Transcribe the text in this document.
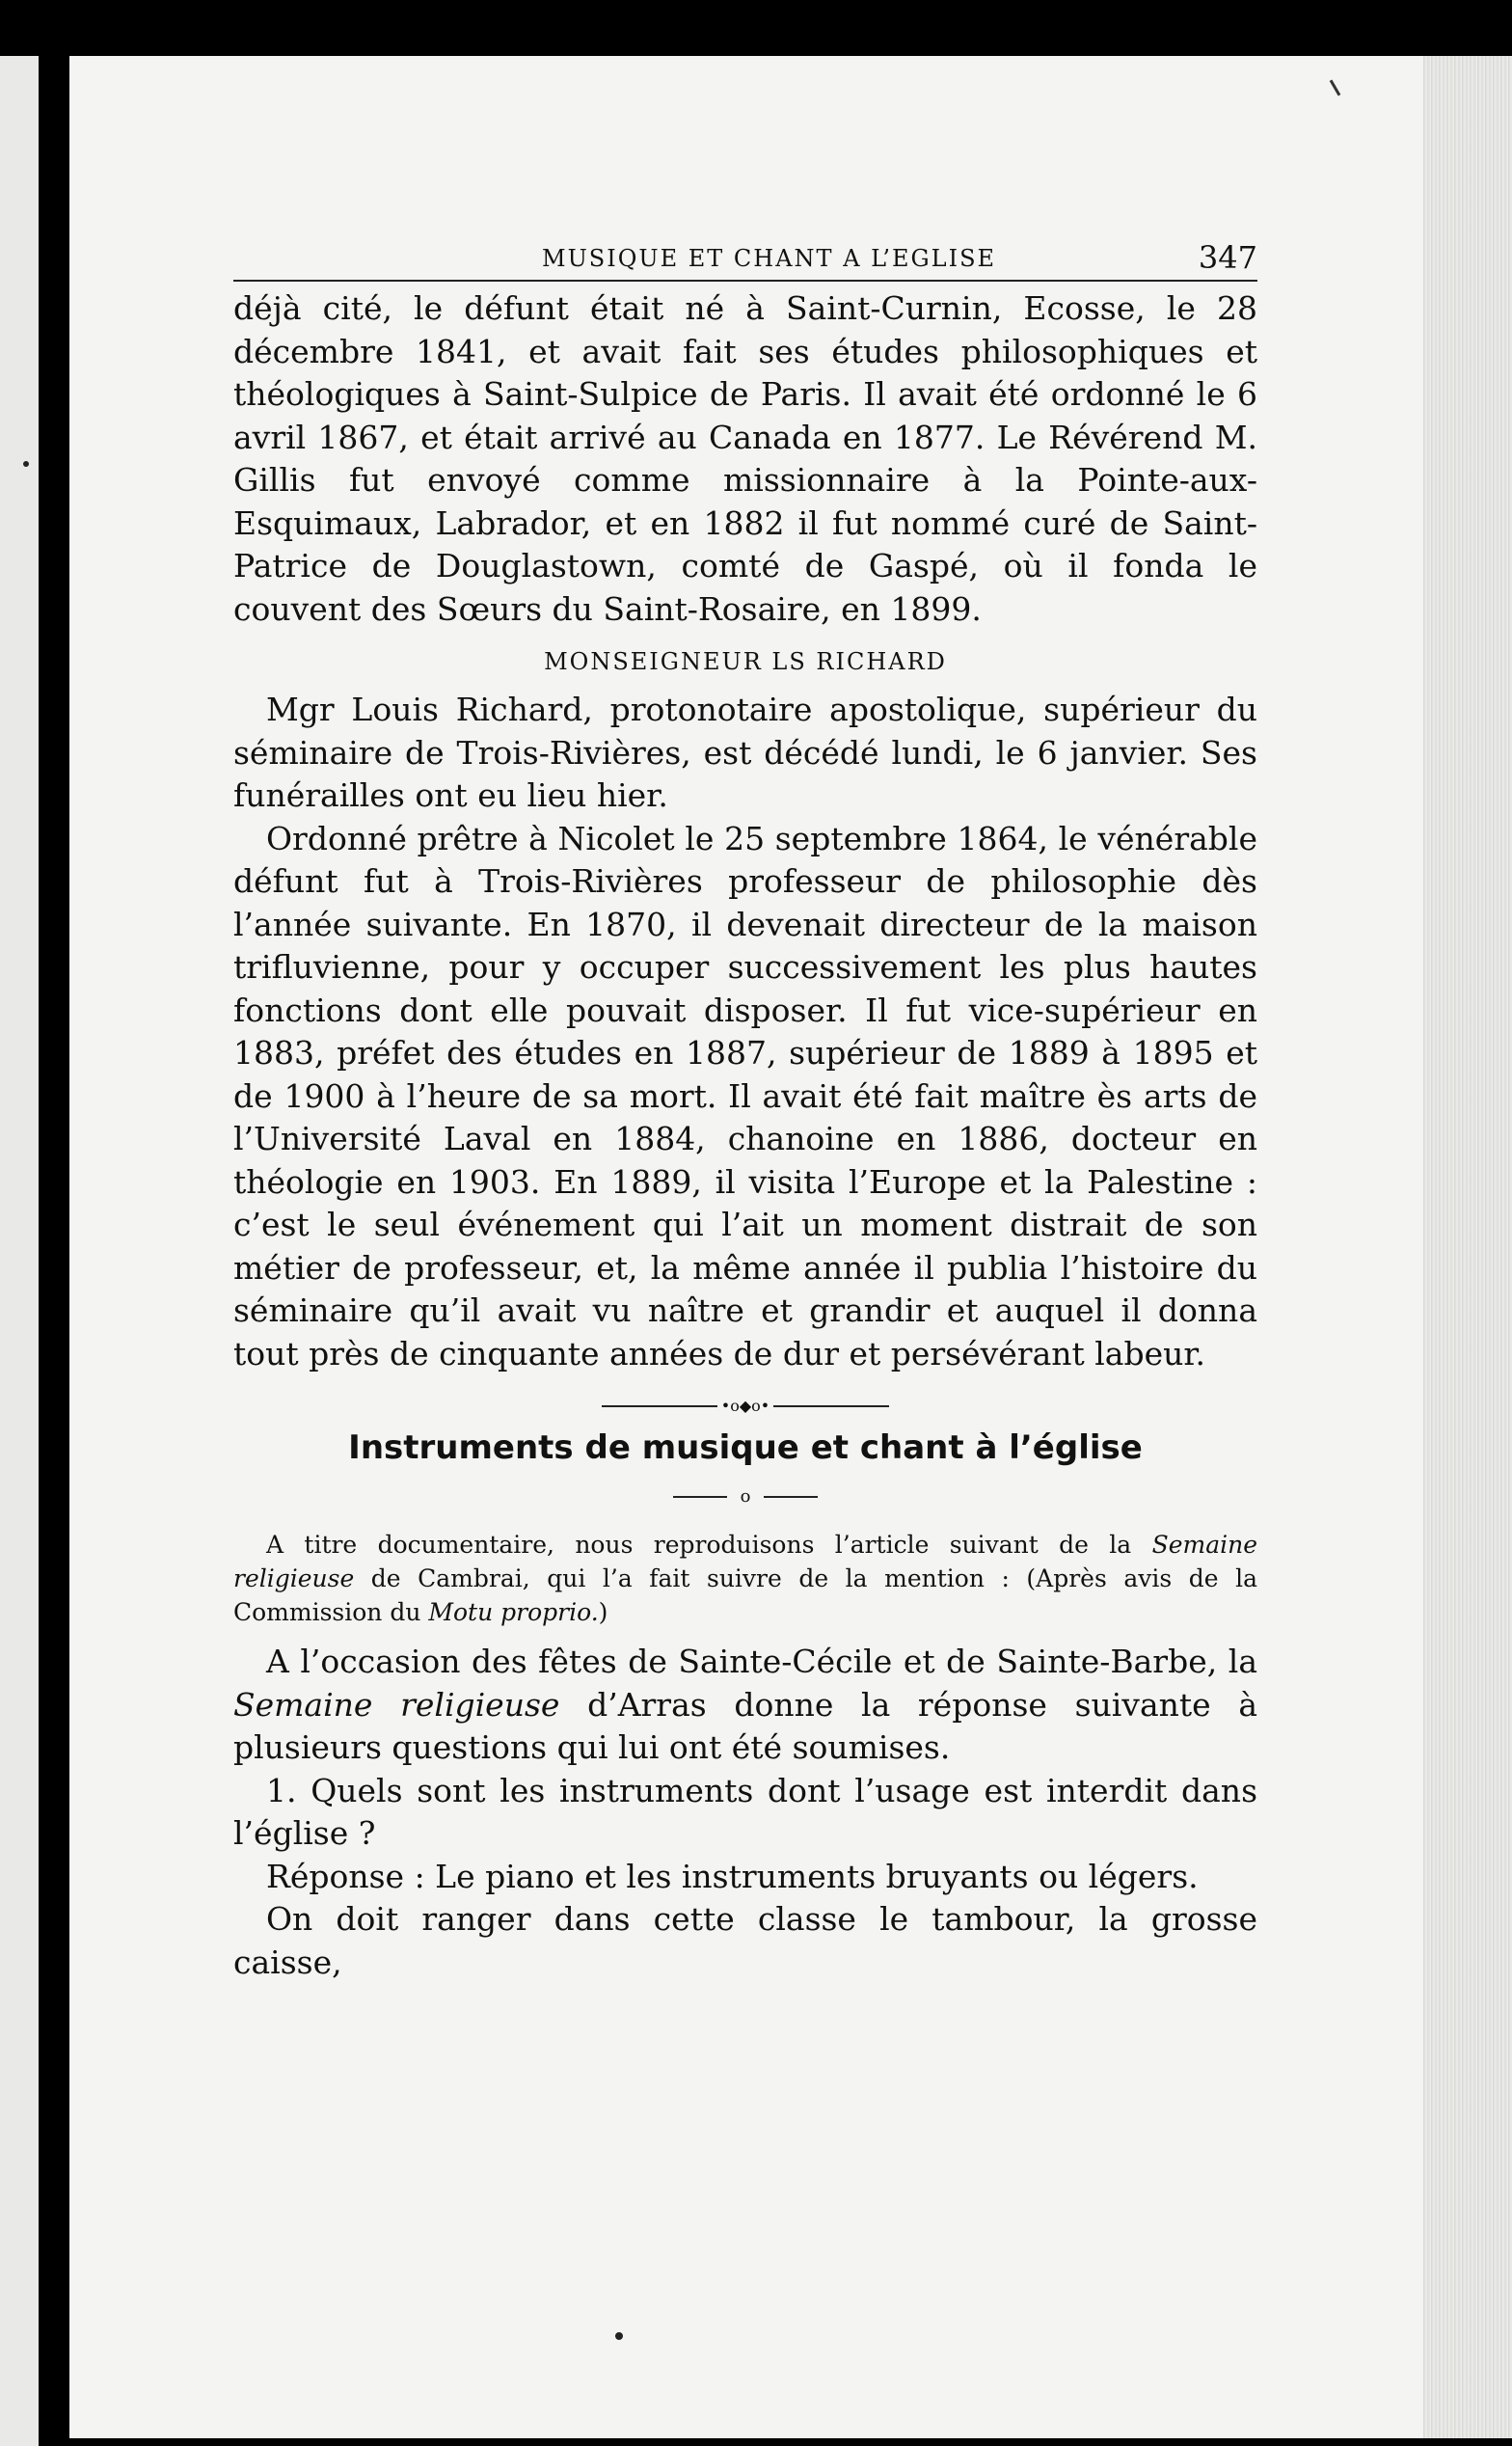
MUSIQUE ET CHANT A L’EGLISE	347

déjà cité, le défunt était né à Saint-Curnin, Ecosse, le 28 décembre 1841, et avait fait ses études philosophiques et théologiques à Saint-Sulpice de Paris. Il avait été ordonné le 6 avril 1867, et était arrivé au Canada en 1877. Le Révérend M. Gillis fut envoyé comme missionnaire à la Pointe-aux-Esquimaux, Labrador, et en 1882 il fut nommé curé de Saint-Patrice de Douglastown, comté de Gaspé, où il fonda le couvent des Sœurs du Saint-Rosaire, en 1899.

MONSEIGNEUR LS RICHARD

Mgr Louis Richard, protonotaire apostolique, supérieur du séminaire de Trois-Rivières, est décédé lundi, le 6 janvier. Ses funérailles ont eu lieu hier.

Ordonné prêtre à Nicolet le 25 septembre 1864, le vénérable défunt fut à Trois-Rivières professeur de philosophie dès l’année suivante. En 1870, il devenait directeur de la maison trifluvienne, pour y occuper successivement les plus hautes fonctions dont elle pouvait disposer. Il fut vice-supérieur en 1883, préfet des études en 1887, supérieur de 1889 à 1895 et de 1900 à l’heure de sa mort. Il avait été fait maître ès arts de l’Université Laval en 1884, chanoine en 1886, docteur en théologie en 1903. En 1889, il visita l’Europe et la Palestine : c’est le seul événement qui l’ait un moment distrait de son métier de professeur, et, la même année il publia l’histoire du séminaire qu’il avait vu naître et grandir et auquel il donna tout près de cinquante années de dur et persévérant labeur.

•o◆o•
Instruments de musique et chant à l’église
o

A titre documentaire, nous reproduisons l’article suivant de la Semaine religieuse de Cambrai, qui l’a fait suivre de la mention : (Après avis de la Commission du Motu proprio.)

A l’occasion des fêtes de Sainte-Cécile et de Sainte-Barbe, la Semaine religieuse d’Arras donne la réponse suivante à plusieurs questions qui lui ont été soumises.

1. Quels sont les instruments dont l’usage est interdit dans l’église ?

Réponse : Le piano et les instruments bruyants ou légers.

On doit ranger dans cette classe le tambour, la grosse caisse,
